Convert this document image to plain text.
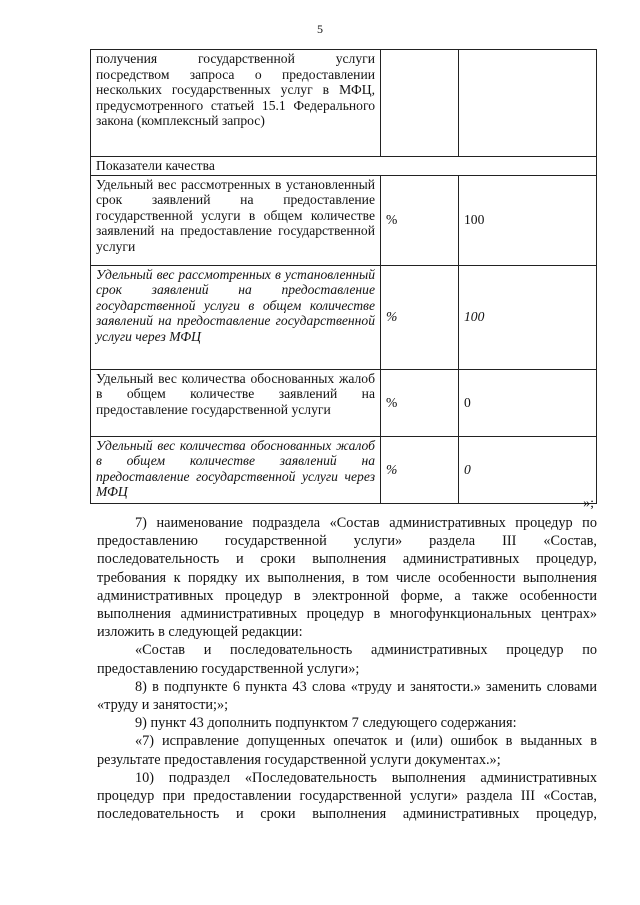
5
получения государственной услуги посредством запроса о предоставлении нескольких государственных услуг в МФЦ, предусмотренного статьей 15.1 Федерального закона (комплексный запрос)		
Показатели качества		
Удельный вес рассмотренных в установленный срок заявлений на предоставление государственной услуги в общем количестве заявлений на предоставление государственной услуги	%	100
Удельный вес рассмотренных в установленный срок заявлений на предоставление государственной услуги в общем количестве заявлений на предоставление государственной услуги через МФЦ	%	100
Удельный вес количества обоснованных жалоб в общем количестве заявлений на предоставление государственной услуги	%	0
Удельный вес количества обоснованных жалоб в общем количестве заявлений на предоставление государственной услуги через МФЦ	%	0
»;

7) наименование подраздела «Состав административных процедур по предоставлению государственной услуги» раздела III «Состав, последовательность и сроки выполнения административных процедур, требования к порядку их выполнения, в том числе особенности выполнения административных процедур в электронной форме, а также особенности выполнения административных процедур в многофункциональных центрах» изложить в следующей редакции:

«Состав и последовательность административных процедур по предоставлению государственной услуги»;

8) в подпункте 6 пункта 43 слова «труду и занятости.» заменить словами «труду и занятости;»;

9) пункт 43 дополнить подпунктом 7 следующего содержания:

«7) исправление допущенных опечаток и (или) ошибок в выданных в результате предоставления государственной услуги документах.»;

10) подраздел «Последовательность выполнения административных процедур при предоставлении государственной услуги» раздела III «Состав, последовательность и сроки выполнения административных процедур,
